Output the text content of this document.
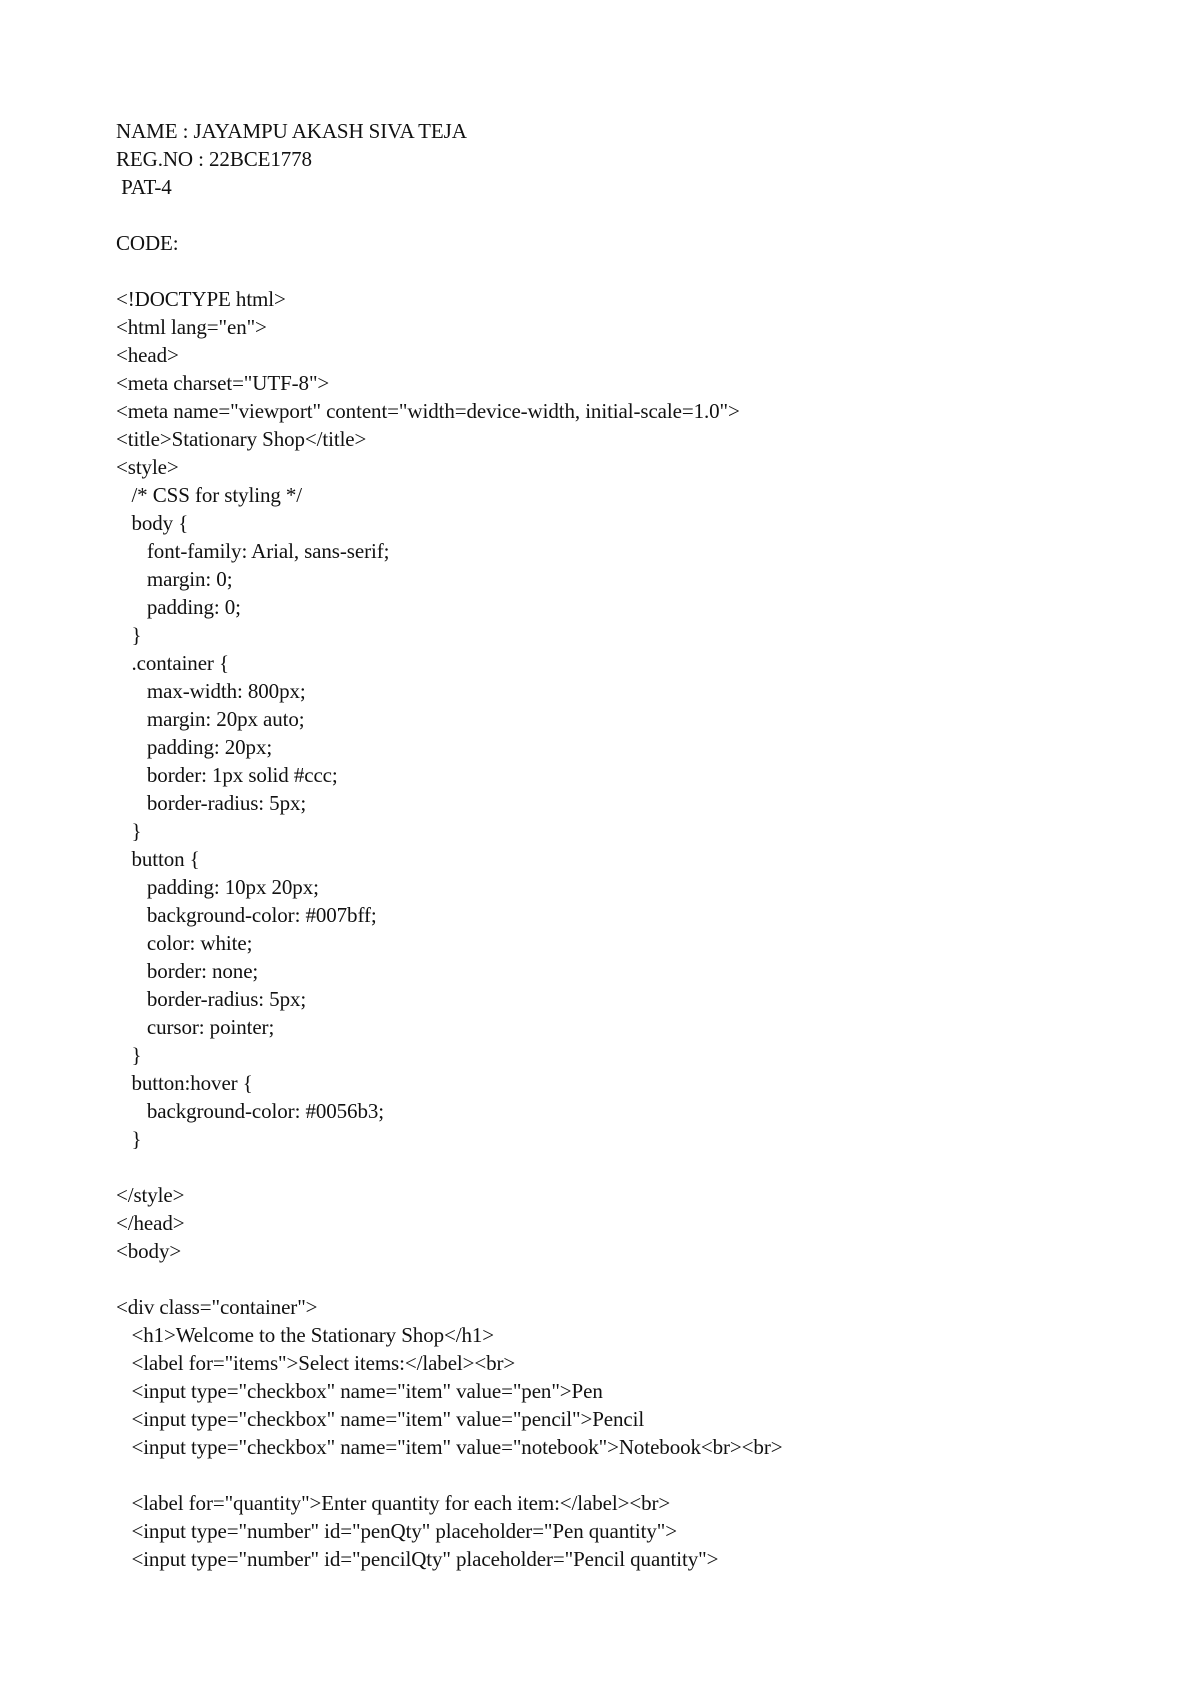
NAME : JAYAMPU AKASH SIVA TEJA
REG.NO : 22BCE1778
PAT-4
CODE:
<!DOCTYPE html>
<html lang="en">
<head>
<meta charset="UTF-8">
<meta name="viewport" content="width=device-width, initial-scale=1.0">
<title>Stationary Shop</title>
<style>
/* CSS for styling */
body {
font-family: Arial, sans-serif;
margin: 0;
padding: 0;
}
.container {
max-width: 800px;
margin: 20px auto;
padding: 20px;
border: 1px solid #ccc;
border-radius: 5px;
}
button {
padding: 10px 20px;
background-color: #007bff;
color: white;
border: none;
border-radius: 5px;
cursor: pointer;
}
button:hover {
background-color: #0056b3;
}
</style>
</head>
<body>
<div class="container">
<h1>Welcome to the Stationary Shop</h1>
<label for="items">Select items:</label><br>
<input type="checkbox" name="item" value="pen">Pen
<input type="checkbox" name="item" value="pencil">Pencil
<input type="checkbox" name="item" value="notebook">Notebook<br><br>
<label for="quantity">Enter quantity for each item:</label><br>
<input type="number" id="penQty" placeholder="Pen quantity">
<input type="number" id="pencilQty" placeholder="Pencil quantity">
